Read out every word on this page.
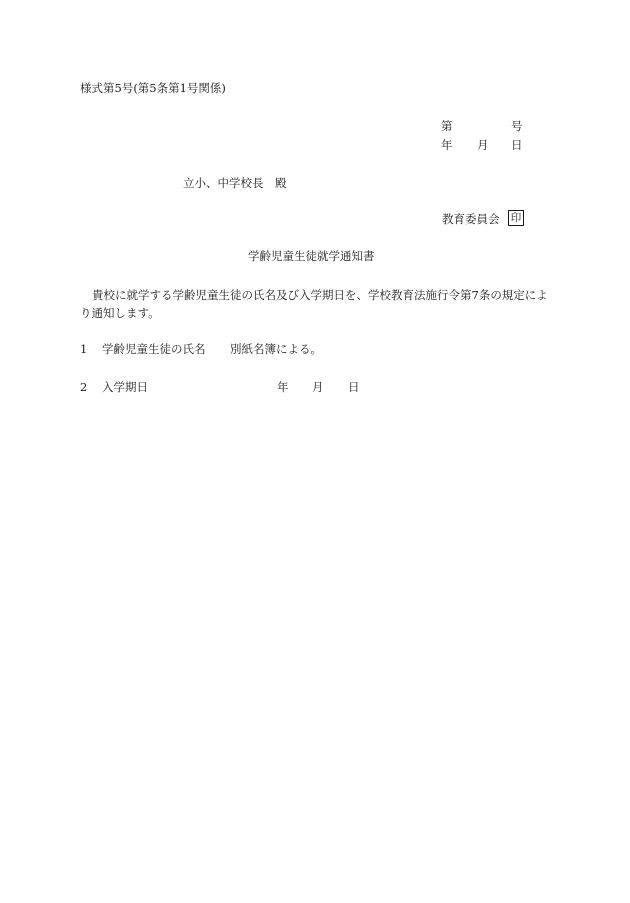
様式第5号(第5条第1号関係)
第	号
年 月 日
立小、中学校長　殿
教育委員会 印
学齢児童生徒就学通知書
貴校に就学する学齢児童生徒の氏名及び入学期日を、学校教育法施行令第7条の規定により通知します。
1 学齢児童生徒の氏名 別紙名簿による。
2 入学期日	年 月 日
